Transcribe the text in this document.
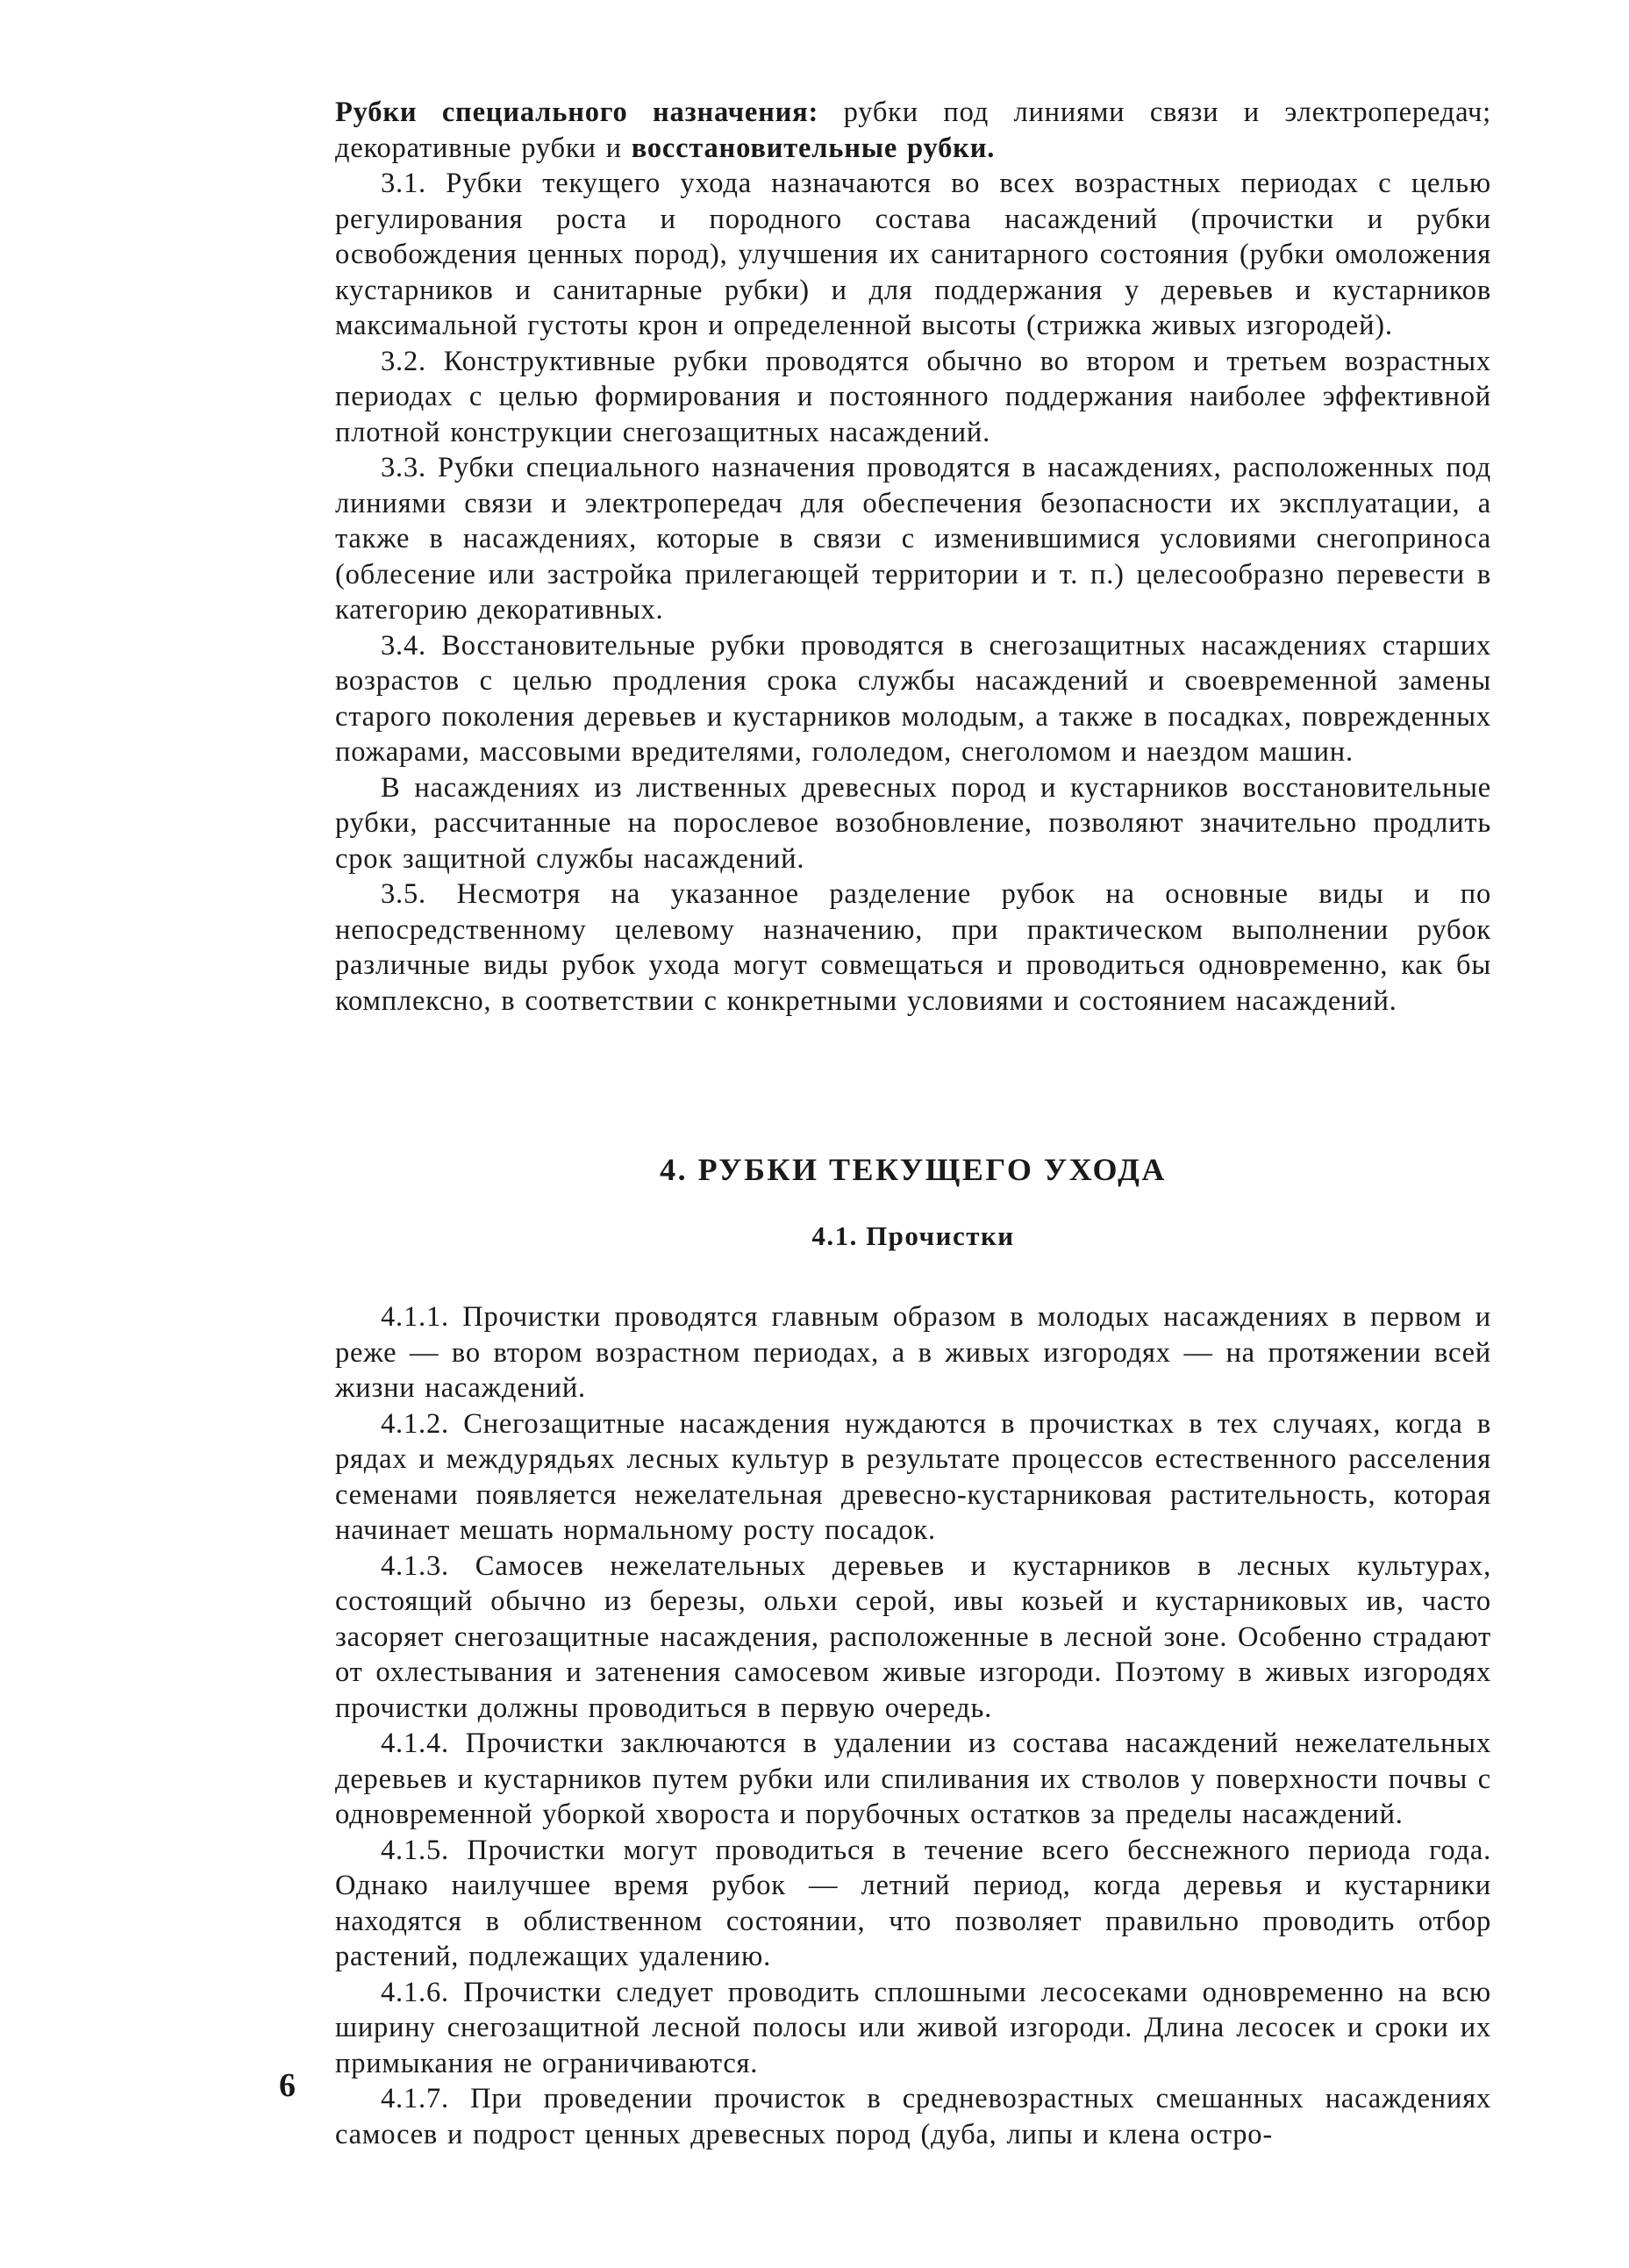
Рубки специального назначения: рубки под линиями связи и электропередач; декоративные рубки и восстановительные рубки.

3.1. Рубки текущего ухода назначаются во всех возрастных периодах с целью регулирования роста и породного состава насаждений (прочистки и рубки освобождения ценных пород), улучшения их санитарного состояния (рубки омоложения кустарников и санитарные рубки) и для поддержания у деревьев и кустарников максимальной густоты крон и определенной высоты (стрижка живых изгородей).

3.2. Конструктивные рубки проводятся обычно во втором и третьем возрастных периодах с целью формирования и постоянного поддержания наиболее эффективной плотной конструкции снегозащитных насаждений.

3.3. Рубки специального назначения проводятся в насаждениях, расположенных под линиями связи и электропередач для обеспечения безопасности их эксплуатации, а также в насаждениях, которые в связи с изменившимися условиями снегоприноса (облесение или застройка прилегающей территории и т. п.) целесообразно перевести в категорию декоративных.

3.4. Восстановительные рубки проводятся в снегозащитных насаждениях старших возрастов с целью продления срока службы насаждений и своевременной замены старого поколения деревьев и кустарников молодым, а также в посадках, поврежденных пожарами, массовыми вредителями, гололедом, снеголомом и наездом машин.

В насаждениях из лиственных древесных пород и кустарников восстановительные рубки, рассчитанные на порослевое возобновление, позволяют значительно продлить срок защитной службы насаждений.

3.5. Несмотря на указанное разделение рубок на основные виды и по непосредственному целевому назначению, при практическом выполнении рубок различные виды рубок ухода могут совмещаться и проводиться одновременно, как бы комплексно, в соответствии с конкретными условиями и состоянием насаждений.

4. РУБКИ ТЕКУЩЕГО УХОДА
4.1. Прочистки

4.1.1. Прочистки проводятся главным образом в молодых насаждениях в первом и реже — во втором возрастном периодах, а в живых изгородях — на протяжении всей жизни насаждений.

4.1.2. Снегозащитные насаждения нуждаются в прочистках в тех случаях, когда в рядах и междурядьях лесных культур в результате процессов естественного расселения семенами появляется нежелательная древесно-кустарниковая растительность, которая начинает мешать нормальному росту посадок.

4.1.3. Самосев нежелательных деревьев и кустарников в лесных культурах, состоящий обычно из березы, ольхи серой, ивы козьей и кустарниковых ив, часто засоряет снегозащитные насаждения, расположенные в лесной зоне. Особенно страдают от охлестывания и затенения самосевом живые изгороди. Поэтому в живых изгородях прочистки должны проводиться в первую очередь.

4.1.4. Прочистки заключаются в удалении из состава насаждений нежелательных деревьев и кустарников путем рубки или спиливания их стволов у поверхности почвы с одновременной уборкой хвороста и порубочных остатков за пределы насаждений.

4.1.5. Прочистки могут проводиться в течение всего бесснежного периода года. Однако наилучшее время рубок — летний период, когда деревья и кустарники находятся в облиственном состоянии, что позволяет правильно проводить отбор растений, подлежащих удалению.

4.1.6. Прочистки следует проводить сплошными лесосеками одновременно на всю ширину снегозащитной лесной полосы или живой изгороди. Длина лесосек и сроки их примыкания не ограничиваются.

4.1.7. При проведении прочисток в средневозрастных смешанных насаждениях самосев и подрост ценных древесных пород (дуба, липы и клена остро-

6
